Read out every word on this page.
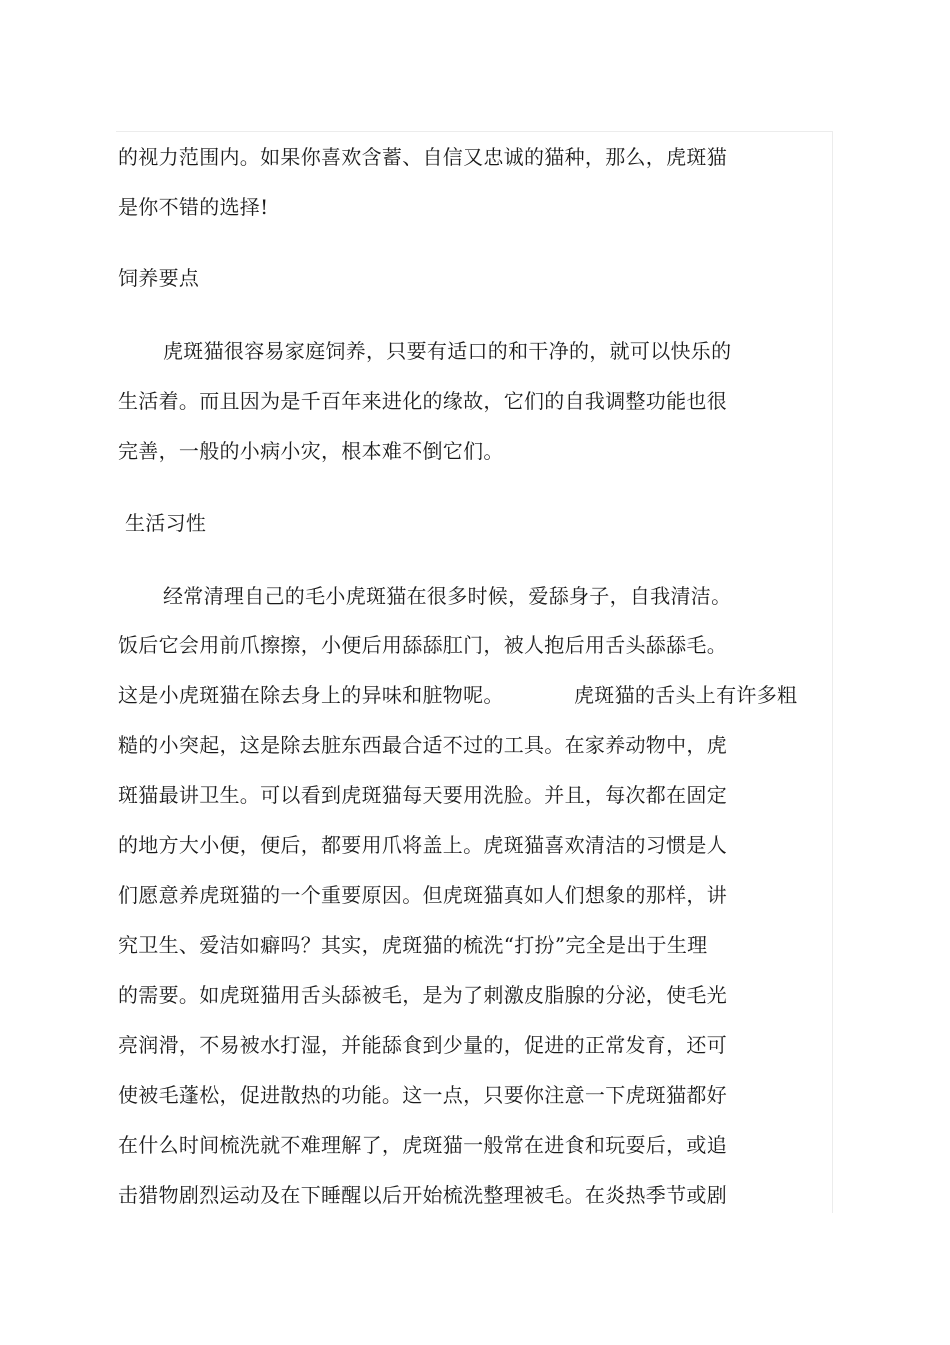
的视力范围内。如果你喜欢含蓄、自信又忠诚的猫种，那么，虎斑猫
是你不错的选择!
饲养要点
虎斑猫很容易家庭饲养，只要有适口的和干净的，就可以快乐的
生活着。而且因为是千百年来进化的缘故，它们的自我调整功能也很
完善，一般的小病小灾，根本难不倒它们。
生活习性
经常清理自己的毛小虎斑猫在很多时候，爱舔身子，自我清洁。
饭后它会用前爪擦擦，小便后用舔舔肛门，被人抱后用舌头舔舔毛。
这是小虎斑猫在除去身上的异味和脏物呢。	虎斑猫的舌头上有许多粗
糙的小突起，这是除去脏东西最合适不过的工具。在家养动物中，虎
斑猫最讲卫生。可以看到虎斑猫每天要用洗脸。并且，每次都在固定
的地方大小便，便后，都要用爪将盖上。虎斑猫喜欢清洁的习惯是人
们愿意养虎斑猫的一个重要原因。但虎斑猫真如人们想象的那样，讲
究卫生、爱洁如癖吗？其实，虎斑猫的梳洗“打扮”完全是出于生理
的需要。如虎斑猫用舌头舔被毛，是为了刺激皮脂腺的分泌，使毛光
亮润滑，不易被水打湿，并能舔食到少量的，促进的正常发育，还可
使被毛蓬松，促进散热的功能。这一点，只要你注意一下虎斑猫都好
在什么时间梳洗就不难理解了，虎斑猫一般常在进食和玩耍后，或追
击猎物剧烈运动及在下睡醒以后开始梳洗整理被毛。在炎热季节或剧
